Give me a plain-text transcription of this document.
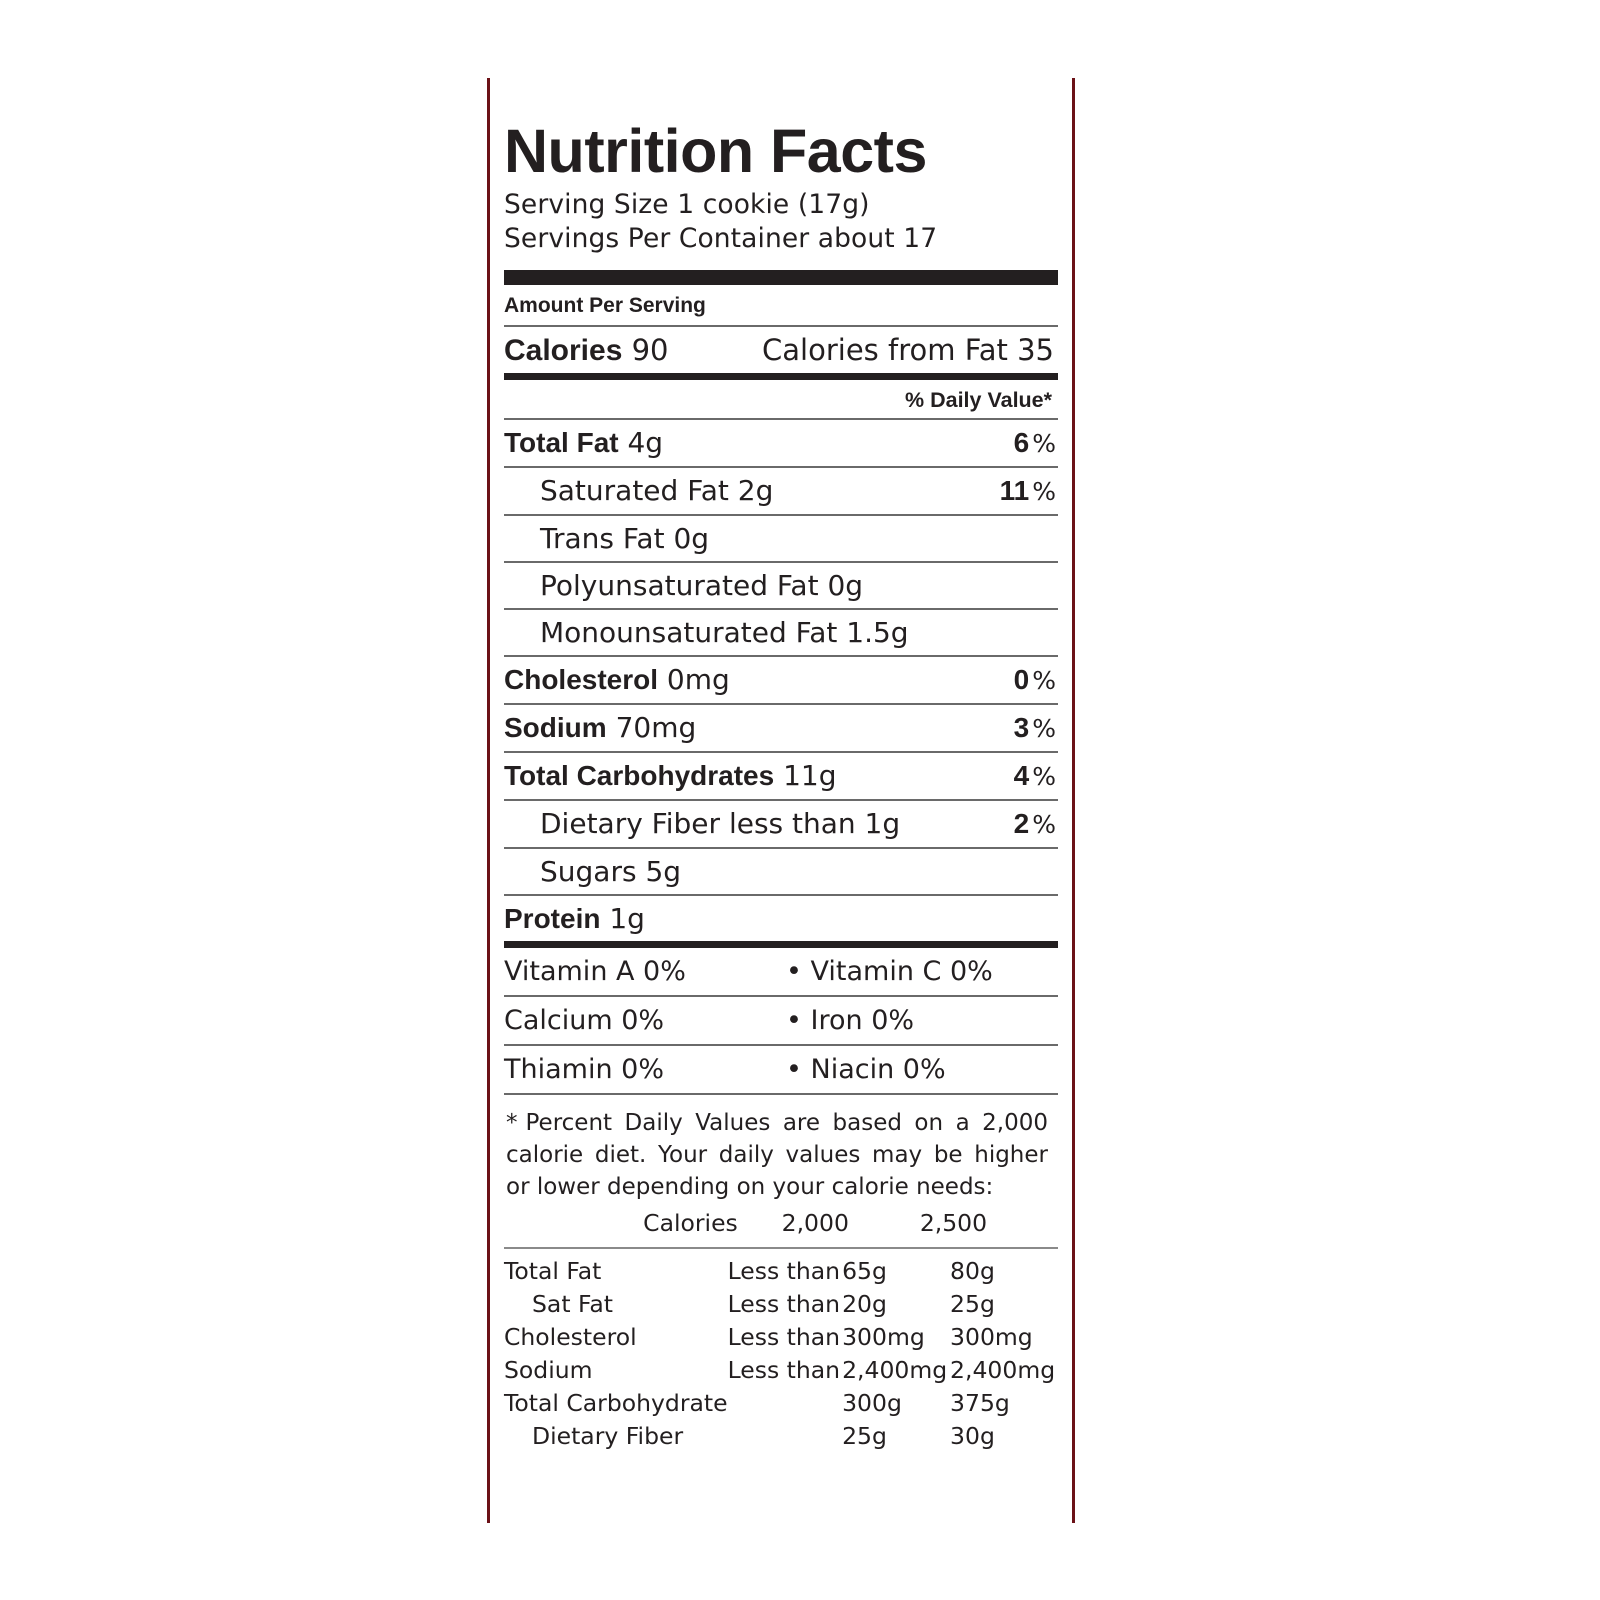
Nutrition Facts
Serving Size 1 cookie (17g)
Servings Per Container about 17
Amount Per Serving
Calories 90	Calories from Fat 35
% Daily Value*
Total Fat 4g	6 %
Saturated Fat 2g	11 %
Trans Fat 0g
Polyunsaturated Fat 0g
Monounsaturated Fat 1.5g
Cholesterol 0mg	0 %
Sodium 70mg	3 %
Total Carbohydrates 11g	4 %
Dietary Fiber less than 1g	2 %
Sugars 5g
Protein 1g
Vitamin A 0%	• Vitamin C 0%
Calcium 0%	• Iron 0%
Thiamin 0%	• Niacin 0%
* Percent Daily Values are based on a 2,000 calorie diet. Your daily values may be higher or lower depending on your calorie needs:
	Calories	2,000	2,500
Total Fat	Less than	65g	80g
Sat Fat	Less than	20g	25g
Cholesterol	Less than	300mg	300mg
Sodium	Less than	2,400mg	2,400mg
Total Carbohydrate		300g	375g
Dietary Fiber		25g	30g
